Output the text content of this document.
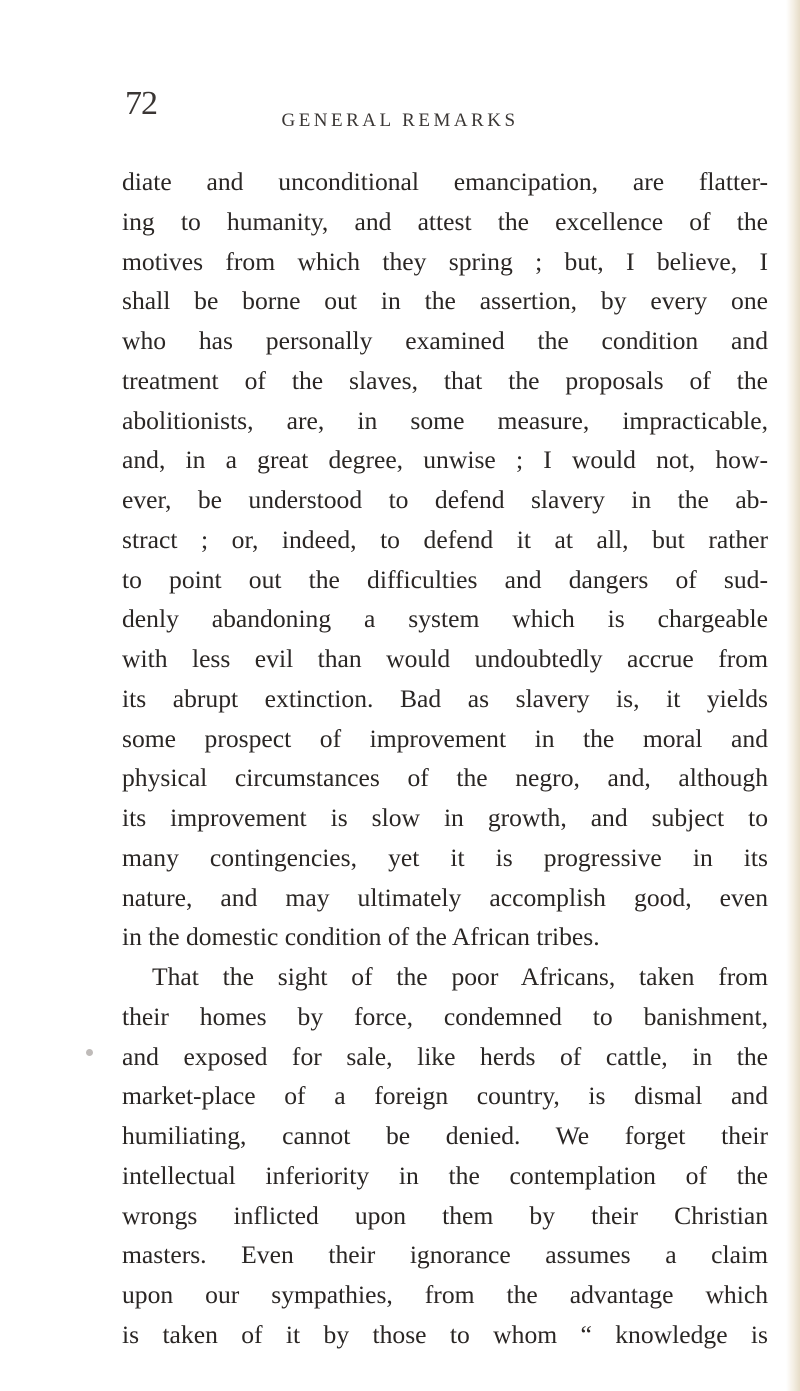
72	GENERAL REMARKS
diate and unconditional emancipation, are flatter-
ing to humanity, and attest the excellence of the
motives from which they spring ; but, I believe, I
shall be borne out in the assertion, by every one
who has personally examined the condition and
treatment of the slaves, that the proposals of the
abolitionists, are, in some measure, impracticable,
and, in a great degree, unwise ; I would not, how-
ever, be understood to defend slavery in the ab-
stract ; or, indeed, to defend it at all, but rather
to point out the difficulties and dangers of sud-
denly abandoning a system which is chargeable
with less evil than would undoubtedly accrue from
its abrupt extinction. Bad as slavery is, it yields
some prospect of improvement in the moral and
physical circumstances of the negro, and, although
its improvement is slow in growth, and subject to
many contingencies, yet it is progressive in its
nature, and may ultimately accomplish good, even
in the domestic condition of the African tribes.
That the sight of the poor Africans, taken from
their homes by force, condemned to banishment,
and exposed for sale, like herds of cattle, in the
market-place of a foreign country, is dismal and
humiliating, cannot be denied. We forget their
intellectual inferiority in the contemplation of the
wrongs inflicted upon them by their Christian
masters. Even their ignorance assumes a claim
upon our sympathies, from the advantage which
is taken of it by those to whom “ knowledge is
